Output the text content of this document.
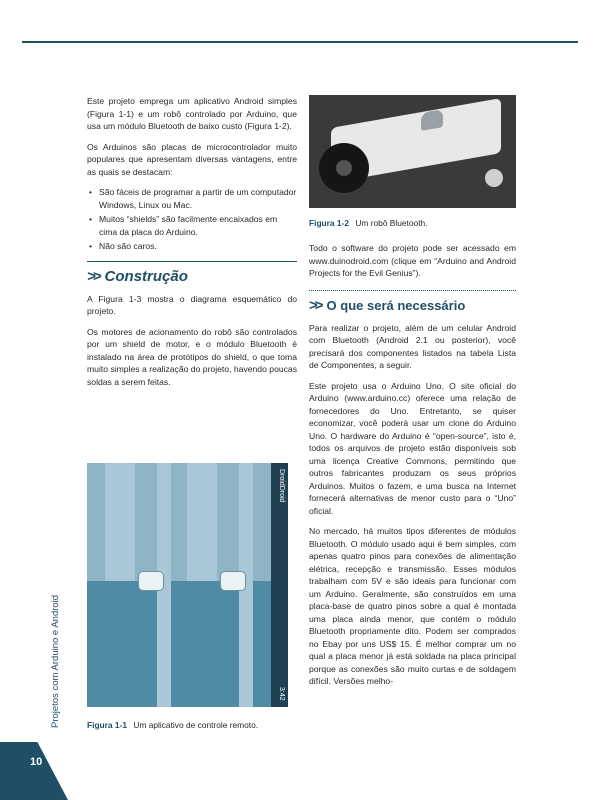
Este projeto emprega um aplicativo Android simples (Figura 1-1) e um robô controlado por Arduino, que usa um módulo Bluetooth de baixo custo (Figura 1-2).

Os Arduinos são placas de microcontrolador muito populares que apresentam diversas vantagens, entre as quais se destacam:

• São fáceis de programar a partir de um computador Windows, Linux ou Mac.
• Muitos “shields” são facilmente encaixados em cima da placa do Arduino.
• Não são caros.
>> Construção

A Figura 1-3 mostra o diagrama esquemático do projeto.

Os motores de acionamento do robô são controlados por um shield de motor, e o módulo Bluetooth é instalado na área de protótipos do shield, o que toma muito simples a realização do projeto, havendo poucas soldas a serem feitas.

DroidDroid
3:42
Figura 1-1 Um aplicativo de controle remoto.
Figura 1-2 Um robô Bluetooth.

Todo o software do projeto pode ser acessado em www.duinodroid.com (clique em “Arduino and Android Projects for the Evil Genius”).

>> O que será necessário

Para realizar o projeto, além de um celular Android com Bluetooth (Android 2.1 ou posterior), você precisará dos componentes listados na tabela Lista de Componentes, a seguir.

Este projeto usa o Arduino Uno. O site oficial do Arduino (www.arduino.cc) oferece uma relação de fornecedores do Uno. Entretanto, se quiser economizar, você poderá usar um clone do Arduino Uno. O hardware do Arduino é “open-source”, isto é, todos os arquivos de projeto estão disponíveis sob uma licença Creative Commons, permitindo que outros fabricantes produzam os seus próprios Arduinos. Muitos o fazem, e uma busca na Internet fornecerá alternativas de menor custo para o “Uno” oficial.

No mercado, há muitos tipos diferentes de módulos Bluetooth. O módulo usado aqui é bem simples, com apenas quatro pinos para conexões de alimentação elétrica, recepção e transmissão. Esses módulos trabalham com 5V e são ideais para funcionar com um Arduino. Geralmente, são construídos em uma placa-base de quatro pinos sobre a qual é montada uma placa ainda menor, que contém o módulo Bluetooth propriamente dito. Podem ser comprados no Ebay por uns US$ 15. É melhor comprar um no qual a placa menor já está soldada na placa principal porque as conexões são muito curtas e de soldagem difícil. Versões melho-

Projetos com Arduino e Android
10
